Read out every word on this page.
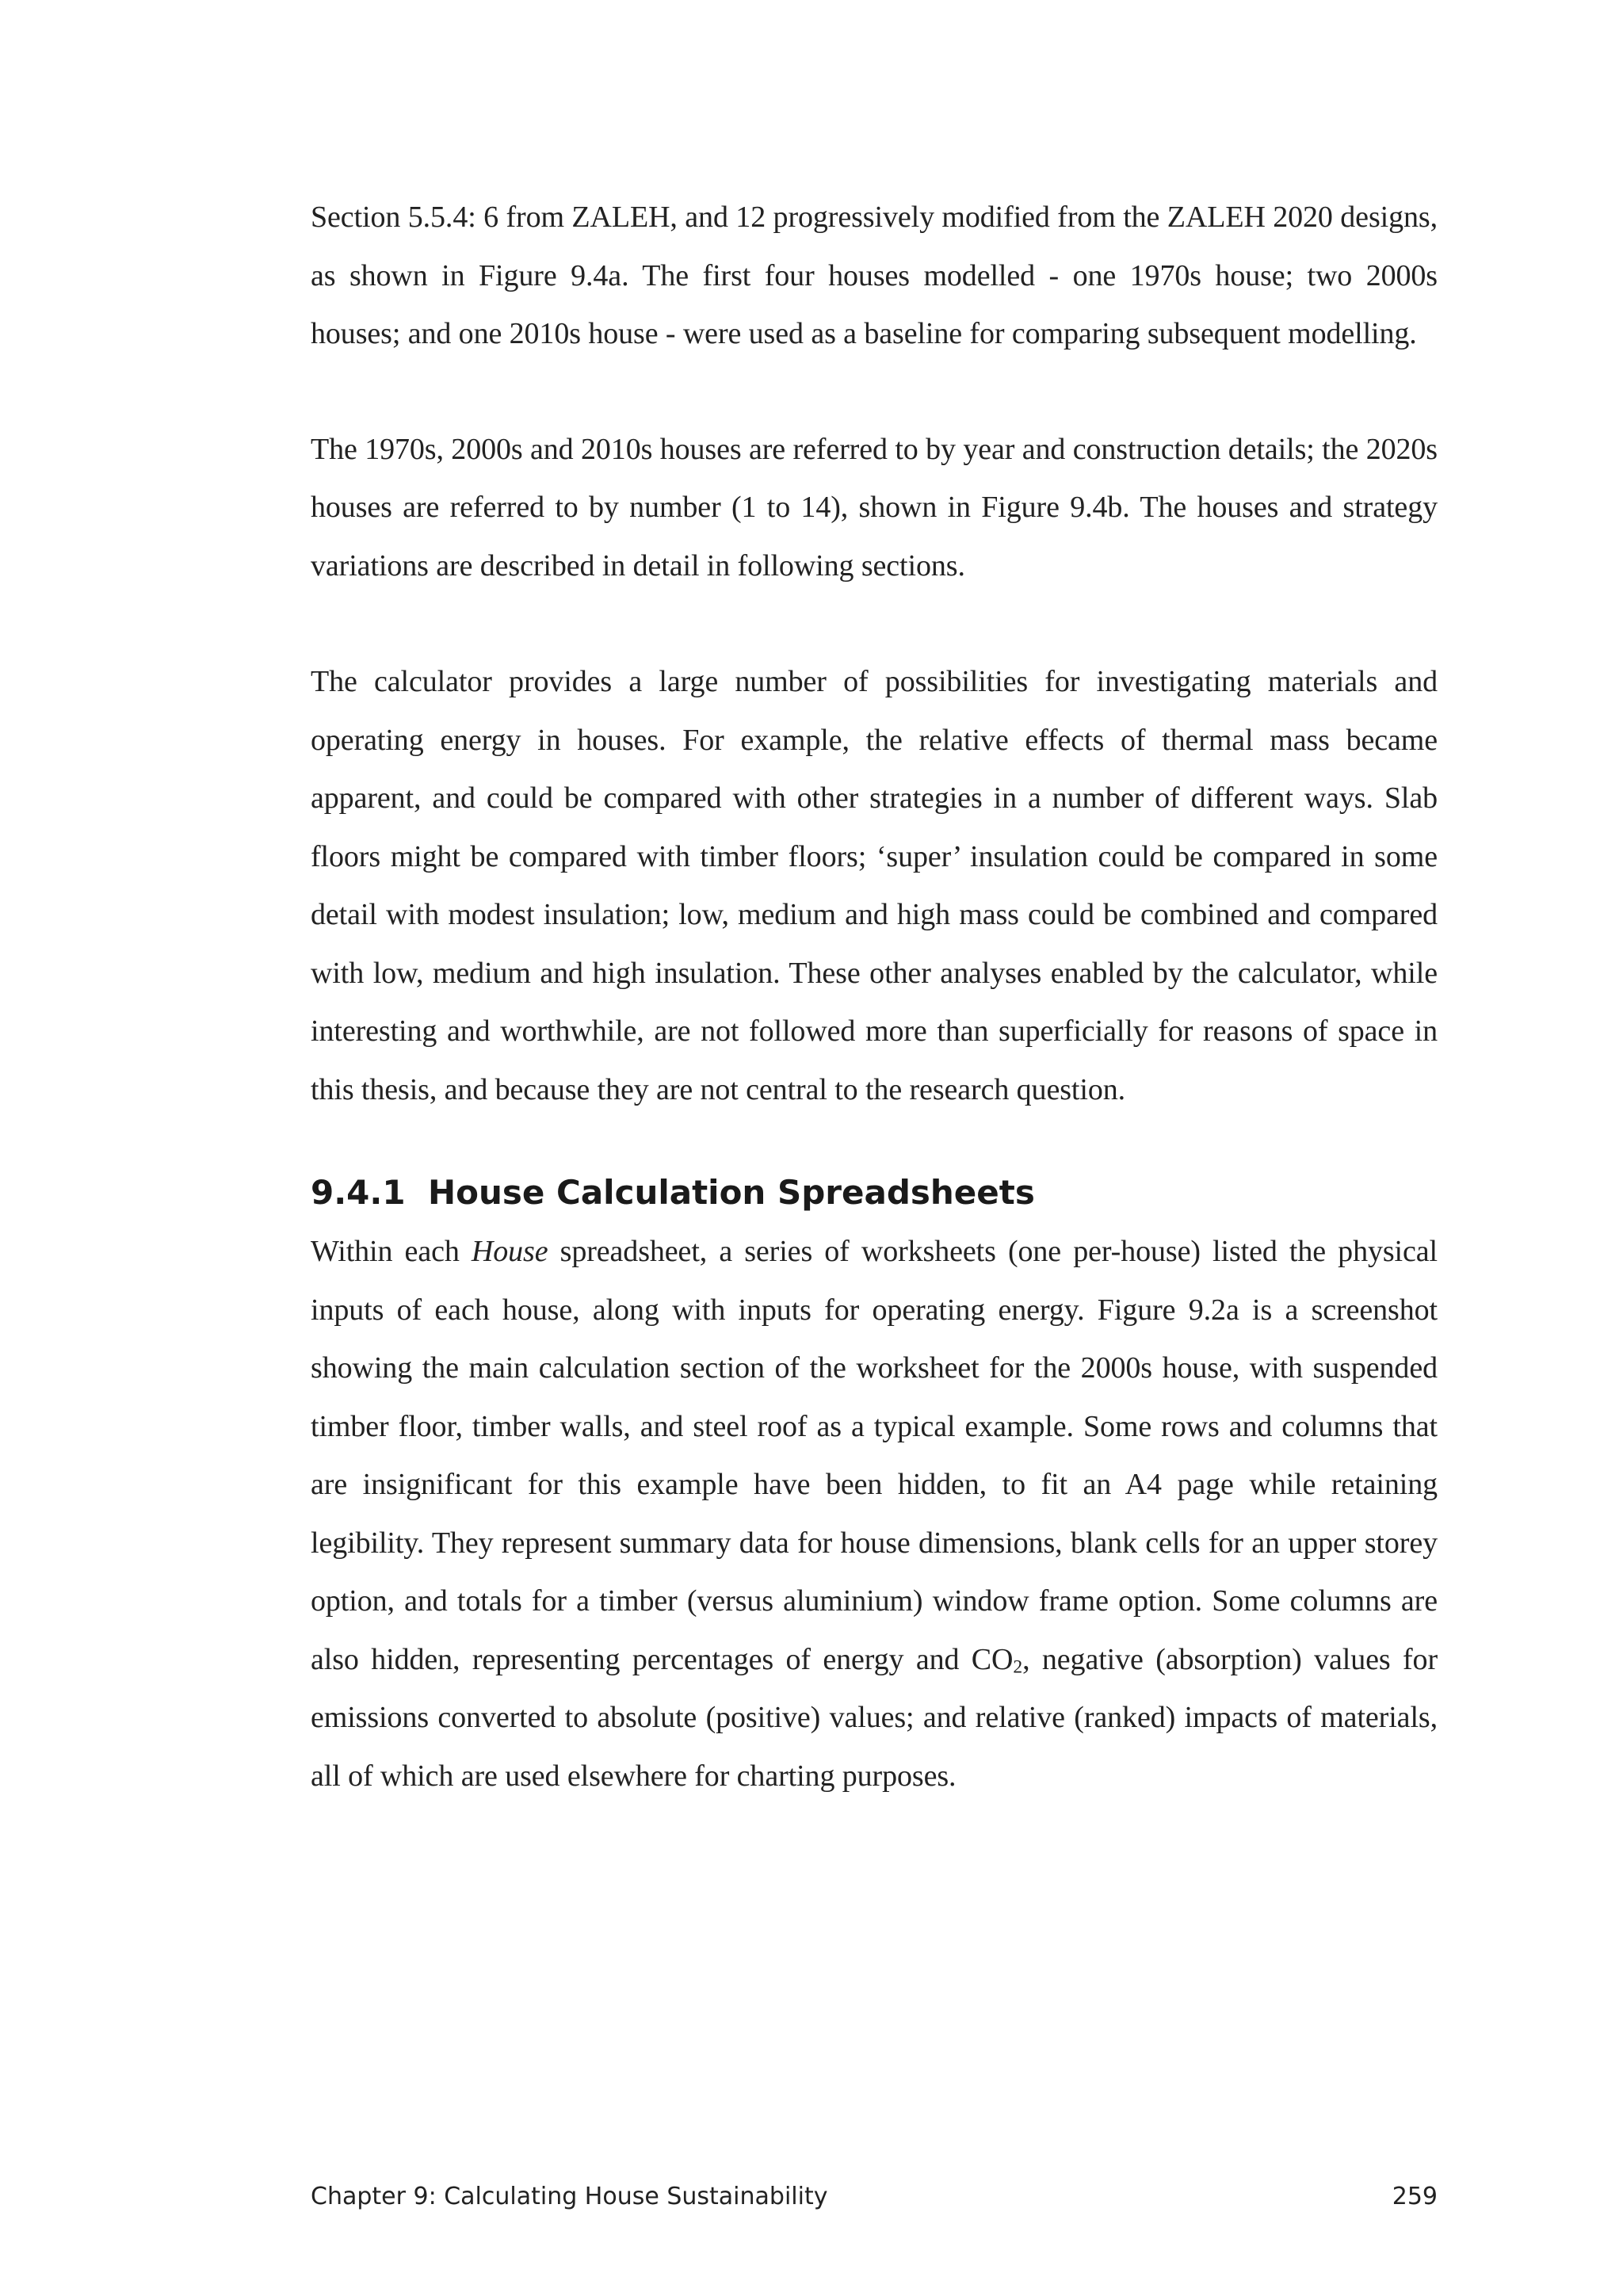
Section 5.5.4: 6 from ZALEH, and 12 progressively modified from the ZALEH 2020 designs, as shown in Figure 9.4a. The first four houses modelled - one 1970s house; two 2000s houses; and one 2010s house - were used as a baseline for comparing subsequent modelling.

The 1970s, 2000s and 2010s houses are referred to by year and construction details; the 2020s houses are referred to by number (1 to 14), shown in Figure 9.4b. The houses and strategy variations are described in detail in following sections.

The calculator provides a large number of possibilities for investigating materials and operating energy in houses. For example, the relative effects of thermal mass became apparent, and could be compared with other strategies in a number of different ways. Slab floors might be compared with timber floors; ‘super’ insulation could be compared in some detail with modest insulation; low, medium and high mass could be combined and compared with low, medium and high insulation. These other analyses enabled by the calculator, while interesting and worthwhile, are not followed more than superficially for reasons of space in this thesis, and because they are not central to the research question.

9.4.1 House Calculation Spreadsheets

Within each House spreadsheet, a series of worksheets (one per-house) listed the physical inputs of each house, along with inputs for operating energy. Figure 9.2a is a screenshot showing the main calculation section of the worksheet for the 2000s house, with suspended timber floor, timber walls, and steel roof as a typical example. Some rows and columns that are insignificant for this example have been hidden, to fit an A4 page while retaining legibility. They represent summary data for house dimensions, blank cells for an upper storey option, and totals for a timber (versus aluminium) window frame option. Some columns are also hidden, representing percentages of energy and $CO_2$, negative (absorption) values for emissions converted to absolute (positive) values; and relative (ranked) impacts of materials, all of which are used elsewhere for charting purposes.

Chapter 9: Calculating House Sustainability	259
